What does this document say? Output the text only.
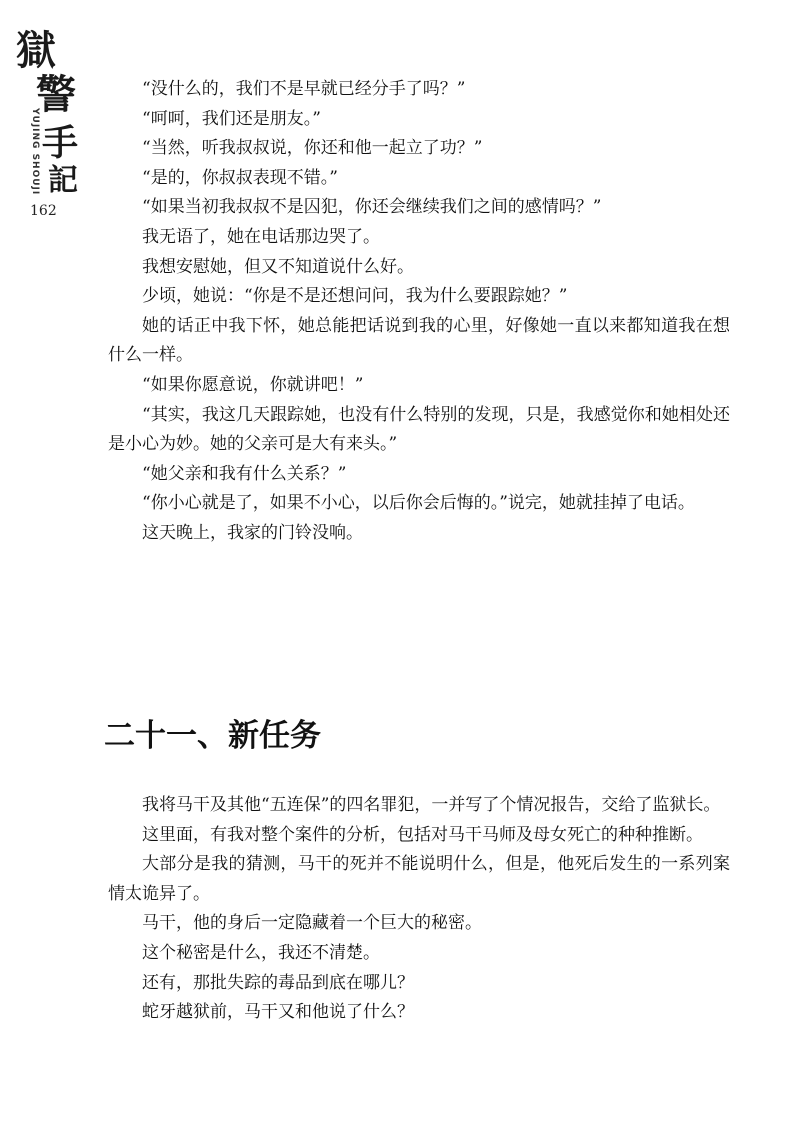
獄
警
手
記
YUJING SHOUJI
162

“没什么的，我们不是早就已经分手了吗？”

“呵呵，我们还是朋友。”

“当然，听我叔叔说，你还和他一起立了功？”

“是的，你叔叔表现不错。”

“如果当初我叔叔不是囚犯，你还会继续我们之间的感情吗？”

我无语了，她在电话那边哭了。

我想安慰她，但又不知道说什么好。

少顷，她说：“你是不是还想问问，我为什么要跟踪她？”

她的话正中我下怀，她总能把话说到我的心里，好像她一直以来都知道我在想什么一样。

“如果你愿意说，你就讲吧！”

“其实，我这几天跟踪她，也没有什么特别的发现，只是，我感觉你和她相处还是小心为妙。她的父亲可是大有来头。”

“她父亲和我有什么关系？”

“你小心就是了，如果不小心，以后你会后悔的。”说完，她就挂掉了电话。

这天晚上，我家的门铃没响。

二十一、新任务

我将马干及其他“五连保”的四名罪犯，一并写了个情况报告，交给了监狱长。

这里面，有我对整个案件的分析，包括对马干马师及母女死亡的种种推断。

大部分是我的猜测，马干的死并不能说明什么，但是，他死后发生的一系列案情太诡异了。

马干，他的身后一定隐藏着一个巨大的秘密。

这个秘密是什么，我还不清楚。

还有，那批失踪的毒品到底在哪儿？

蛇牙越狱前，马干又和他说了什么？
